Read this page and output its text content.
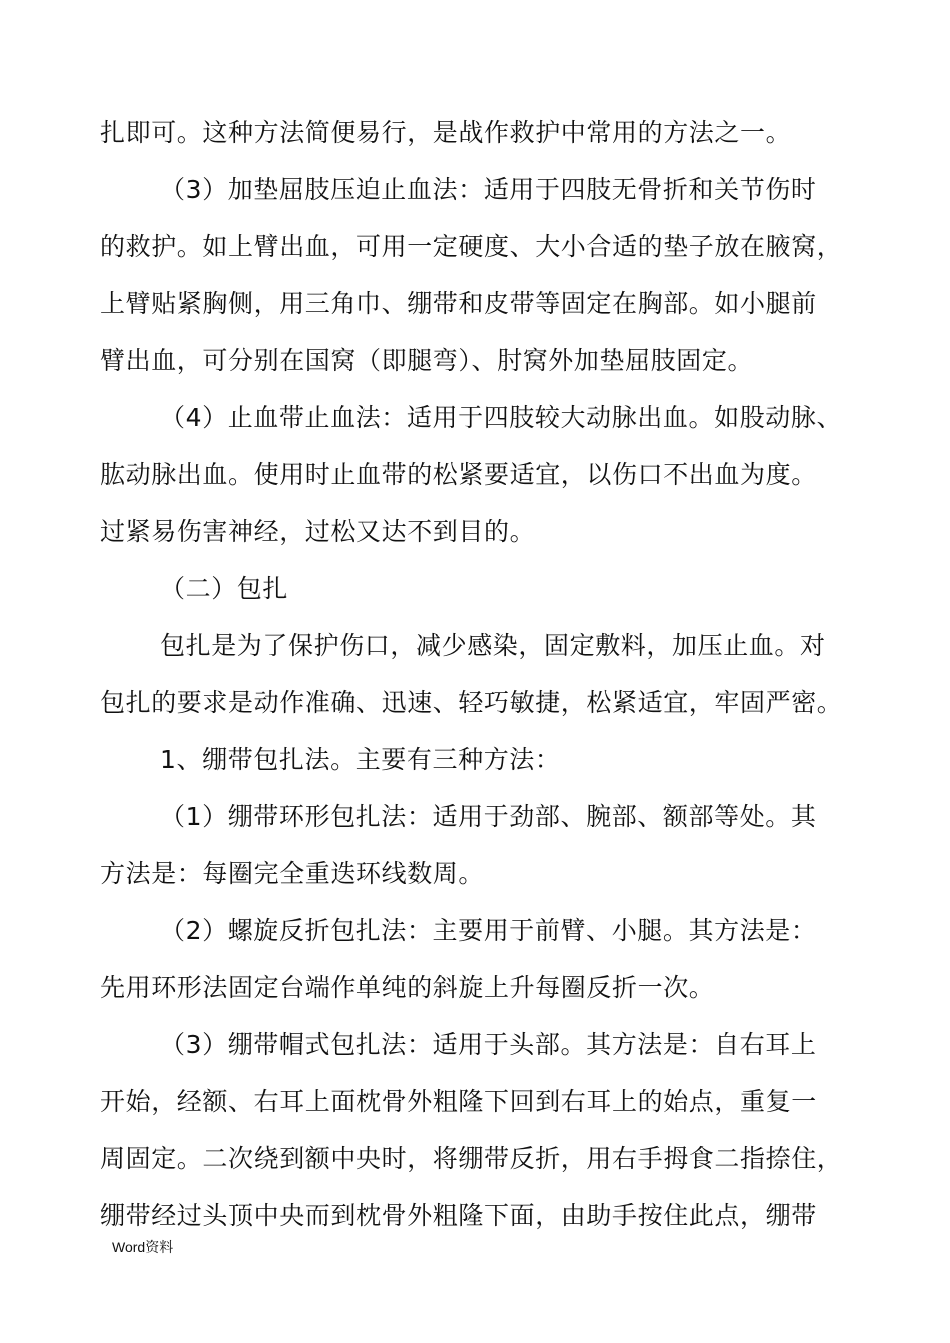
扎即可。这种方法简便易行，是战作救护中常用的方法之一。
（3）加垫屈肢压迫止血法：适用于四肢无骨折和关节伤时
的救护。如上臂出血，可用一定硬度、大小合适的垫子放在腋窝，
上臂贴紧胸侧，用三角巾、绷带和皮带等固定在胸部。如小腿前
臂出血，可分别在国窝（即腿弯）、肘窝外加垫屈肢固定。
（4）止血带止血法：适用于四肢较大动脉出血。如股动脉、
肱动脉出血。使用时止血带的松紧要适宜，以伤口不出血为度。
过紧易伤害神经，过松又达不到目的。
（二）包扎
包扎是为了保护伤口，减少感染，固定敷料，加压止血。对
包扎的要求是动作准确、迅速、轻巧敏捷，松紧适宜，牢固严密。
1、绷带包扎法。主要有三种方法：
（1）绷带环形包扎法：适用于劲部、腕部、额部等处。其
方法是：每圈完全重迭环线数周。
（2）螺旋反折包扎法：主要用于前臂、小腿。其方法是：
先用环形法固定台端作单纯的斜旋上升每圈反折一次。
（3）绷带帽式包扎法：适用于头部。其方法是：自右耳上
开始，经额、右耳上面枕骨外粗隆下回到右耳上的始点，重复一
周固定。二次绕到额中央时，将绷带反折，用右手拇食二指捺住，
绷带经过头顶中央而到枕骨外粗隆下面，由助手按住此点，绷带
Word资料
